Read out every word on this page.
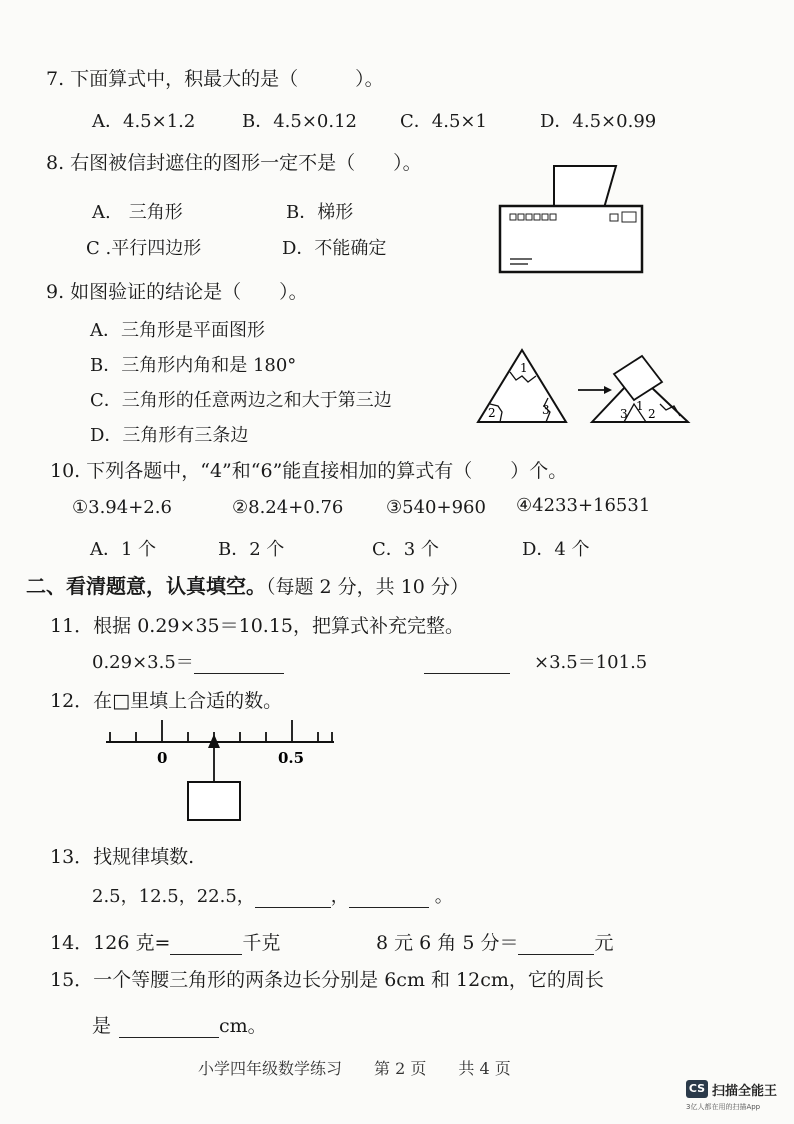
7. 下面算式中，积最大的是（　　　）。
A．4.5×1.2	B．4.5×0.12 C．4.5×1	D．4.5×0.99
8. 右图被信封遮住的图形一定不是（　　）。
A.　三角形	B．梯形
C .平行四边形	D．不能确定
9. 如图验证的结论是（　　）。
A．三角形是平面图形
B．三角形内角和是 180°
C．三角形的任意两边之和大于第三边
D．三角形有三条边
1
2	3	3
1
2
10. 下列各题中，“4”和“6”能直接相加的算式有（　　）个。
①3.94+2.6	②8.24+0.76 ③540+960 ④4233+16531
A．1 个	B．2 个	C．3 个	D．4 个
二、看清题意，认真填空。（每题 2 分，共 10 分）
11．根据 0.29×35＝10.15，把算式补充完整。
0.29×3.5＝	×3.5＝101.5
12．在□里填上合适的数。
0	0.5
13．找规律填数.
2.5，12.5，22.5，	，	。
14．126 克=	千克	8 元 6 角 5 分＝	元
15．一个等腰三角形的两条边长分别是 6cm 和 12cm，它的周长
是	cm。
小学四年级数学练习　　第 2 页　　共 4 页
CS 扫描全能王
3亿人都在用的扫描App
